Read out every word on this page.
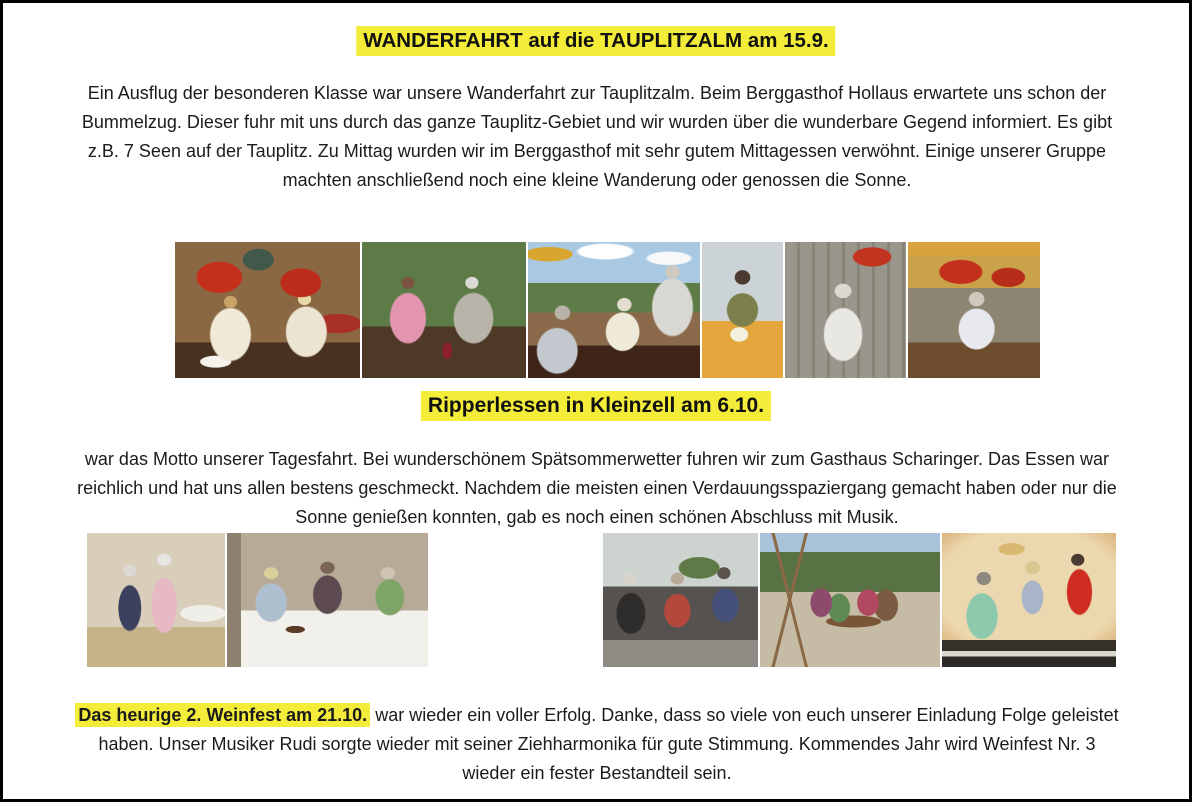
WANDERFAHRT auf die TAUPLITZALM am 15.9.

Ein Ausflug der besonderen Klasse war unsere Wanderfahrt zur Tauplitzalm. Beim Berggasthof Hollaus erwartete uns schon der Bummelzug. Dieser fuhr mit uns durch das ganze Tauplitz-Gebiet und wir wurden über die wunderbare Gegend informiert. Es gibt z.B. 7 Seen auf der Tauplitz. Zu Mittag wurden wir im Berggasthof mit sehr gutem Mittagessen verwöhnt. Einige unserer Gruppe machten anschließend noch eine kleine Wanderung oder genossen die Sonne.

Ripperlessen in Kleinzell am 6.10.

war das Motto unserer Tagesfahrt. Bei wunderschönem Spätsommerwetter fuhren wir zum Gasthaus Scharinger. Das Essen war reichlich und hat uns allen bestens geschmeckt. Nachdem die meisten einen Verdauungsspaziergang gemacht haben oder nur die Sonne genießen konnten, gab es noch einen schönen Abschluss mit Musik.

Das heurige 2. Weinfest am 21.10. war wieder ein voller Erfolg. Danke, dass so viele von euch unserer Einladung Folge geleistet haben. Unser Musiker Rudi sorgte wieder mit seiner Ziehharmonika für gute Stimmung. Kommendes Jahr wird Weinfest Nr. 3 wieder ein fester Bestandteil sein.
